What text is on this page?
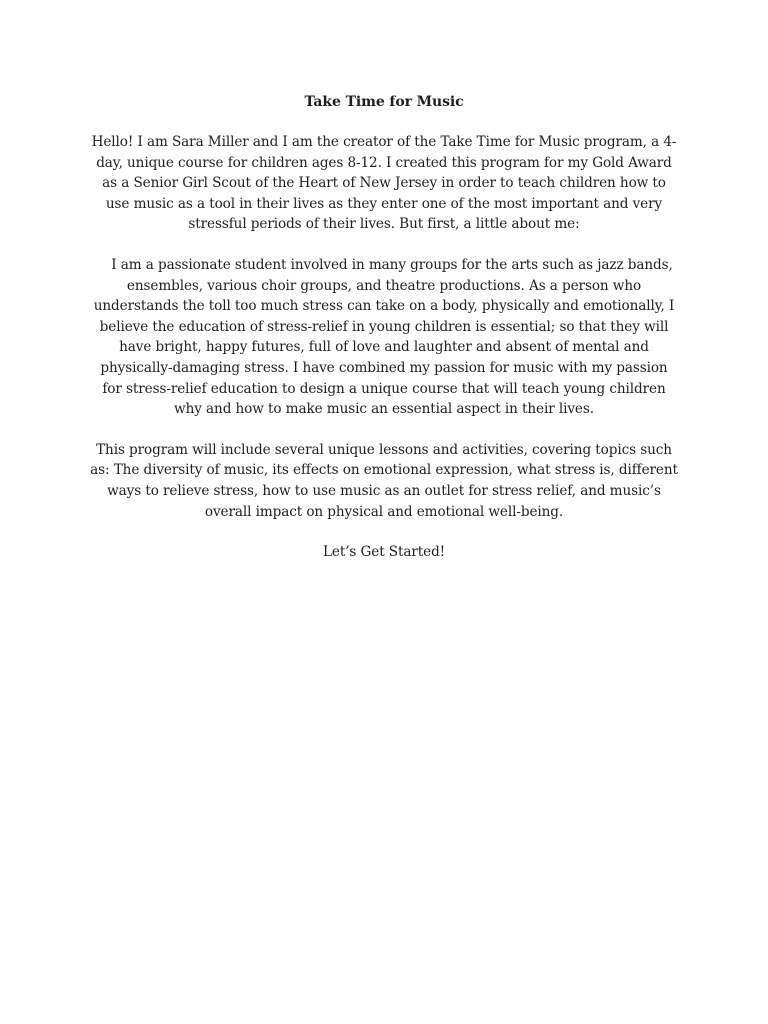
Take Time for Music
Hello! I am Sara Miller and I am the creator of the Take Time for Music program, a 4-day, unique course for children ages 8-12. I created this program for my Gold Award as a Senior Girl Scout of the Heart of New Jersey in order to teach children how to use music as a tool in their lives as they enter one of the most important and very stressful periods of their lives. But first, a little about me:
I am a passionate student involved in many groups for the arts such as jazz bands, ensembles, various choir groups, and theatre productions. As a person who understands the toll too much stress can take on a body, physically and emotionally, I believe the education of stress-relief in young children is essential; so that they will have bright, happy futures, full of love and laughter and absent of mental and physically-damaging stress. I have combined my passion for music with my passion for stress-relief education to design a unique course that will teach young children why and how to make music an essential aspect in their lives.
This program will include several unique lessons and activities, covering topics such as: The diversity of music, its effects on emotional expression, what stress is, different ways to relieve stress, how to use music as an outlet for stress relief, and music’s overall impact on physical and emotional well-being.
Let’s Get Started!
